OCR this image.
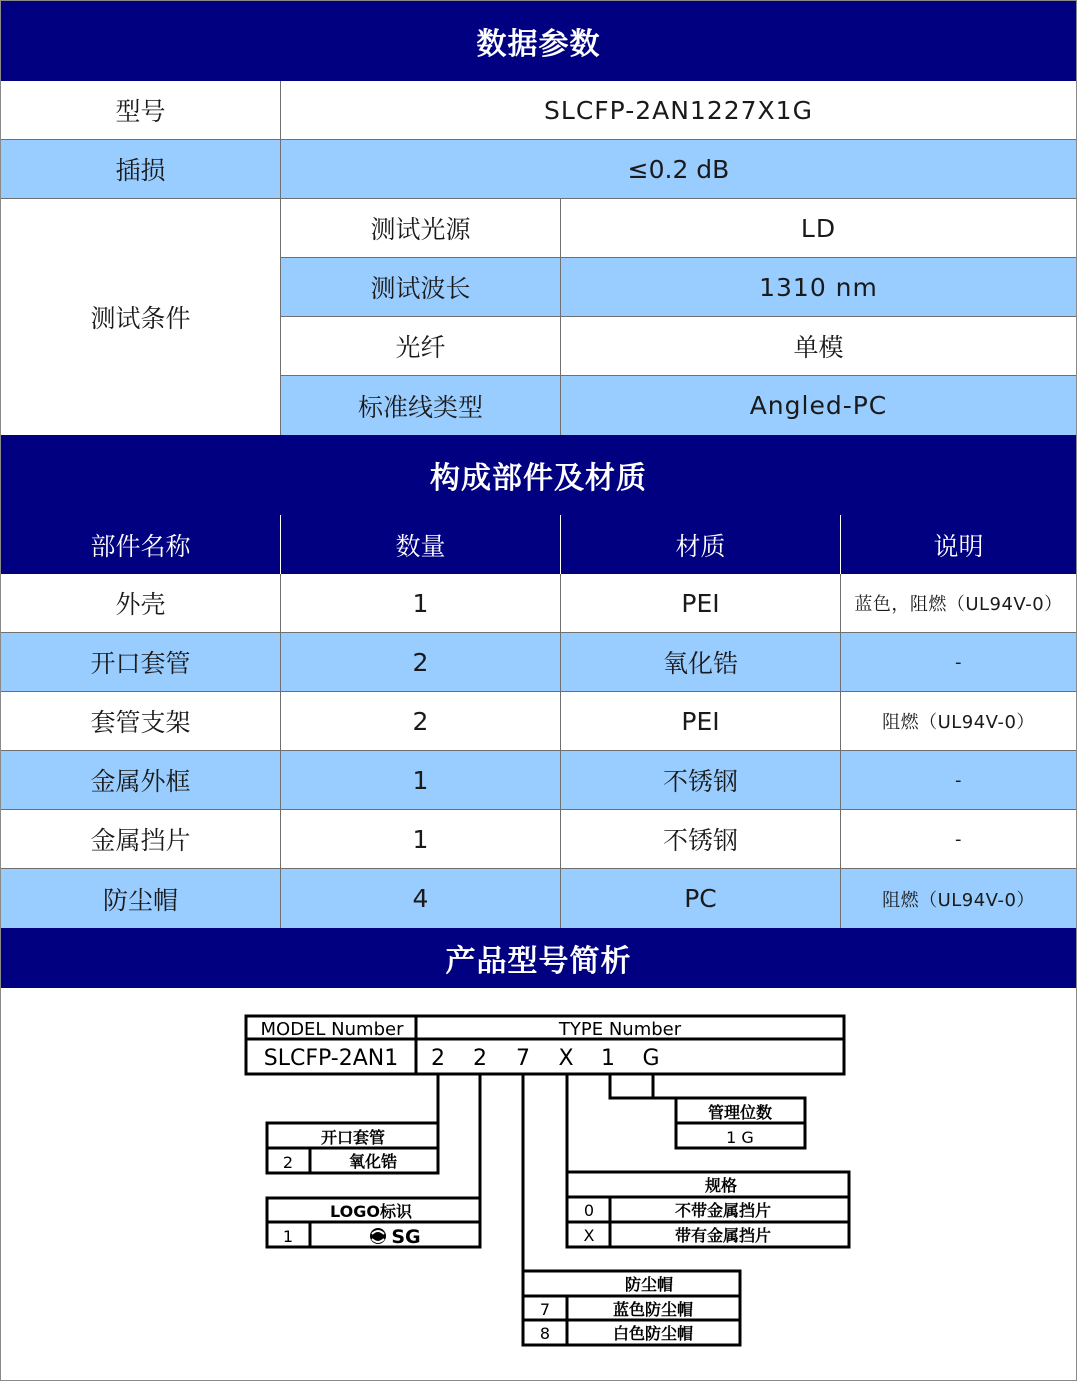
数据参数
型号	SLCFP-2AN1227X1G
插损	≤0.2 dB
测试条件
测试光源	LD
测试波长	1310 nm
光纤	单模
标准线类型	Angled-PC
构成部件及材质
部件名称	数量	材质	说明
外壳	1	PEI	蓝色，阻燃（UL94V-0）
开口套管	2	氧化锆	-
套管支架	2	PEI	阻燃（UL94V-0）
金属外框	1	不锈钢	-
金属挡片	1	不锈钢	-
防尘帽	4	PC	阻燃（UL94V-0）
产品型号简析
MODEL Number	TYPE Number
SLCFP-2AN1 2 2 7 X 1 G
开口套管
2	氧化锆
LOGO标识
1	SG
管理位数
1 G
规格
0	不带金属挡片
X	带有金属挡片
防尘帽
7	蓝色防尘帽
8	白色防尘帽
